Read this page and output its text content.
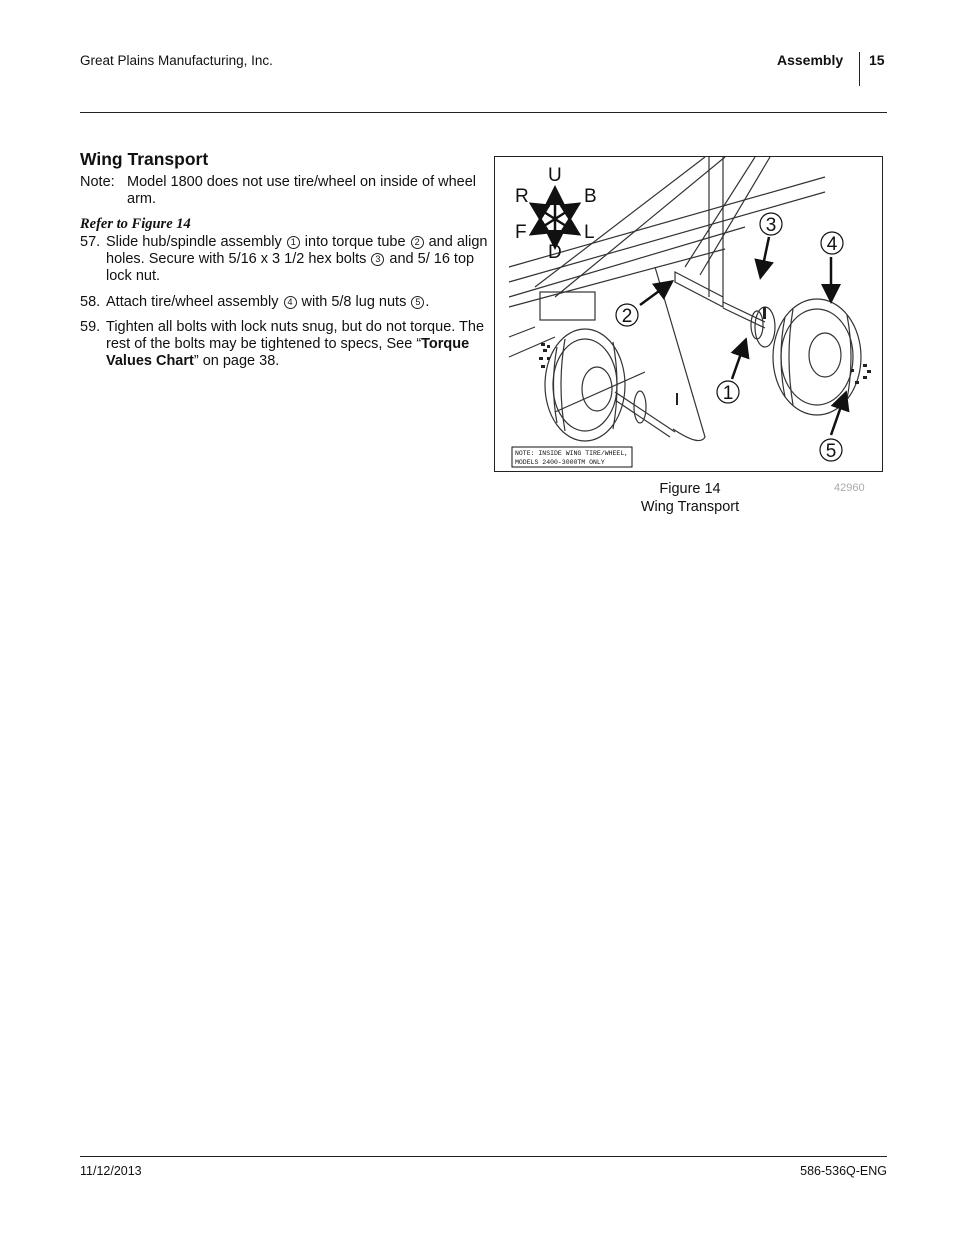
Great Plains Manufacturing, Inc.	Assembly 15
Wing Transport
Note: Model 1800 does not use tire/wheel on inside of wheel arm.
Refer to Figure 14
57. Slide hub/spindle assembly 1 into torque tube 2 and align holes. Secure with 5/16 x 3 1/2 hex bolts 3 and 5/ 16 top lock nut.
58. Attach tire/wheel assembly 4 with 5/8 lug nuts 5 .
59. Tighten all bolts with lock nuts snug, but do not torque. The rest of the bolts may be tightened to specs, See “Torque Values Chart” on page 38.
U
D
R	B
F	L	3
4
2
1
5
NOTE: INSIDE WING TIRE/WHEEL,
MODELS 2400-3000TM ONLY
Figure 14
Wing Transport
42960
11/12/2013	586-536Q-ENG
